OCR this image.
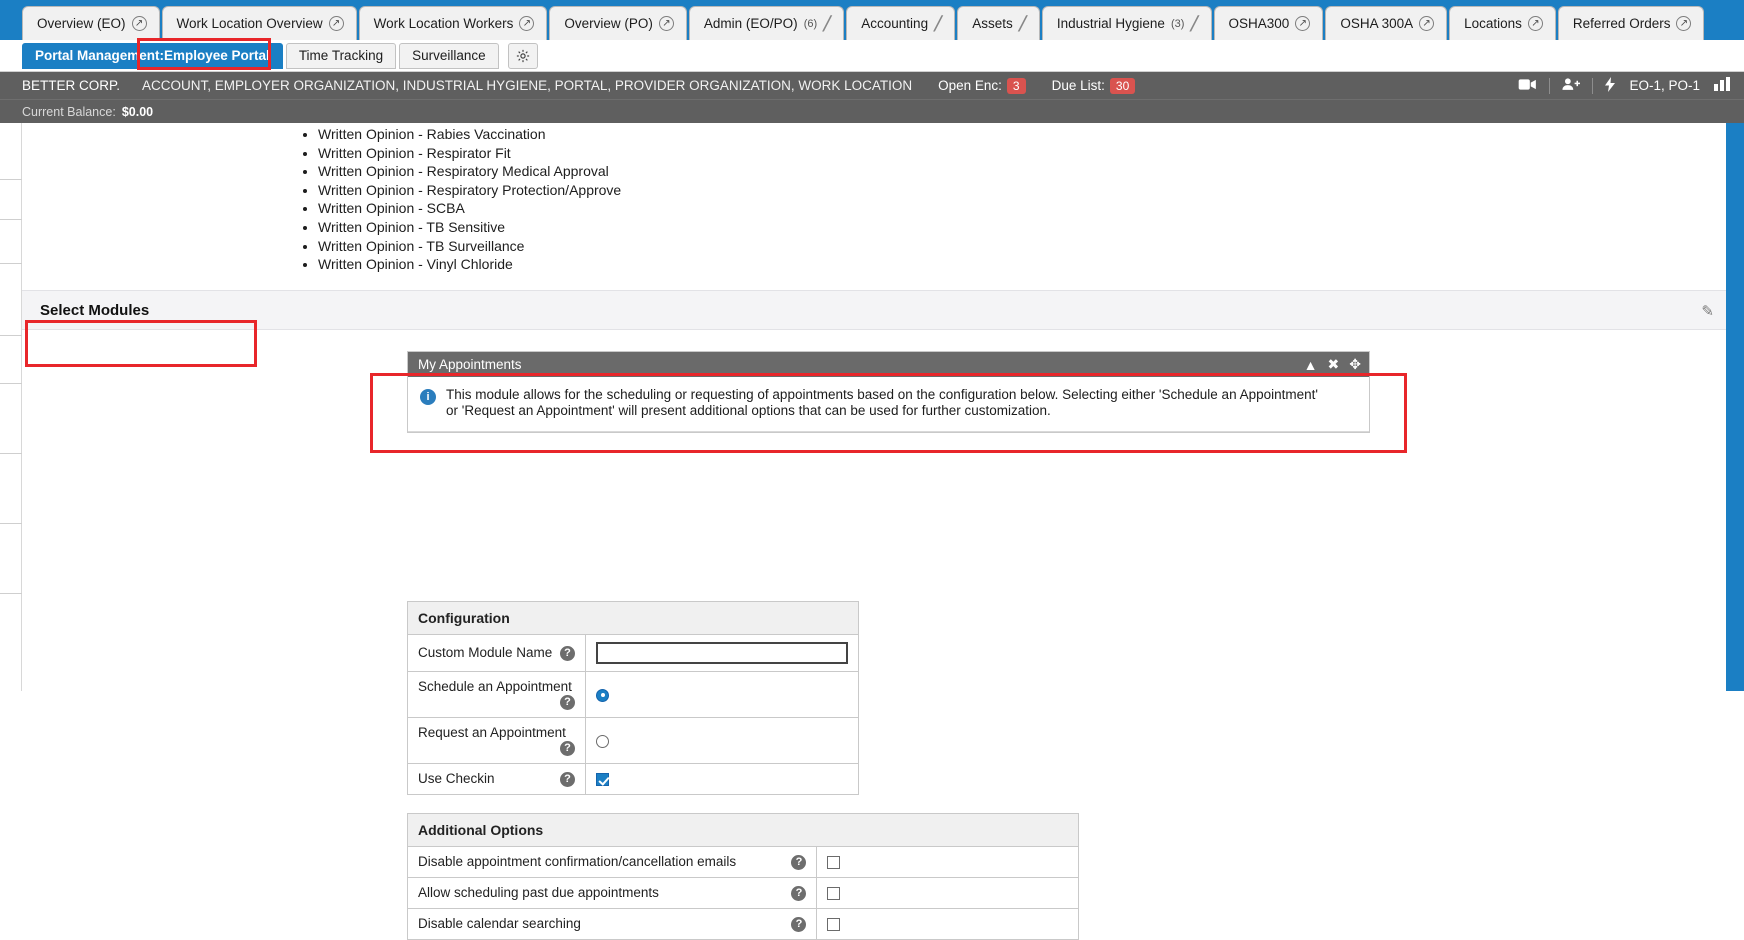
Overview (EO) ↗ Work Location Overview ↗ Work Location Workers ↗ Overview (PO) ↗ Admin (EO/PO) (6) ╱ Accounting ╱ Assets ╱ Industrial Hygiene (3) ╱ OSHA300 ↗ OSHA 300A ↗ Locations ↗ Referred Orders ↗
Portal Management:Employee Portal Time Tracking Surveillance
BETTER CORP. ACCOUNT, EMPLOYER ORGANIZATION, INDUSTRIAL HYGIENE, PORTAL, PROVIDER ORGANIZATION, WORK LOCATION Open Enc: 3	Due List: 30	EO-1, PO-1
Current Balance: $0.00
• Written Opinion - Rabies Vaccination
• Written Opinion - Respirator Fit
• Written Opinion - Respiratory Medical Approval
• Written Opinion - Respiratory Protection/Approve
• Written Opinion - SCBA
• Written Opinion - TB Sensitive
• Written Opinion - TB Surveillance
• Written Opinion - Vinyl Chloride
Select Modules	✎
My Appointments	▲ ✖ ✥
i	This module allows for the scheduling or requesting of appointments based on the configuration below. Selecting either 'Schedule an Appointment' or 'Request an Appointment' will present additional options that can be used for further customization.

Configuration	
Custom Module Name ?

Schedule an Appointment
?	

Request an Appointment
?	

Use Checkin ?	

Additional Options	
Disable appointment confirmation/cancellation emails ?	

Allow scheduling past due appointments ?	

Disable calendar searching ?	
